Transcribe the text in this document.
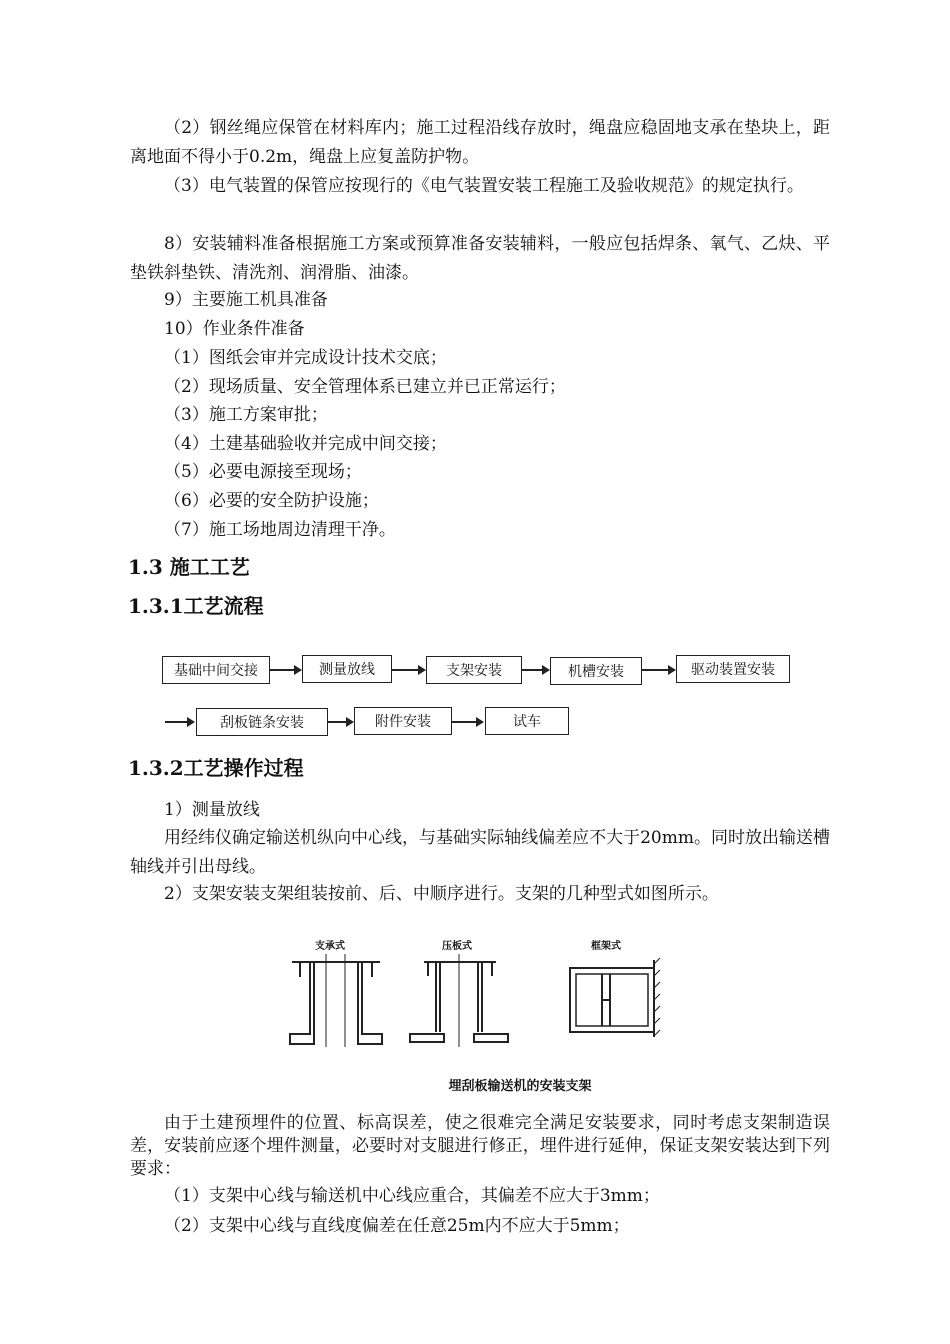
（2）钢丝绳应保管在材料库内；施工过程沿线存放时，绳盘应稳固地支承在垫块上，距离地面不得小于0.2m，绳盘上应复盖防护物。

（3）电气装置的保管应按现行的《电气装置安装工程施工及验收规范》的规定执行。

8）安装辅料准备根据施工方案或预算准备安装辅料，一般应包括焊条、氧气、乙炔、平垫铁斜垫铁、清洗剂、润滑脂、油漆。

9）主要施工机具准备

10）作业条件准备

（1）图纸会审并完成设计技术交底；

（2）现场质量、安全管理体系已建立并已正常运行；

（3）施工方案审批；

（4）土建基础验收并完成中间交接；

（5）必要电源接至现场；

（6）必要的安全防护设施；

（7）施工场地周边清理干净。

1.3 施工工艺
1.3.1工艺流程
基础中间交接	测量放线	支架安装	机槽安装	驱动装置安装
刮板链条安装	附件安装	试车
1.3.2工艺操作过程

1）测量放线

用经纬仪确定输送机纵向中心线，与基础实际轴线偏差应不大于20mm。同时放出输送槽轴线并引出母线。

2）支架安装支架组装按前、后、中顺序进行。支架的几种型式如图所示。

支承式	压板式	框架式
埋刮板输送机的安装支架

由于土建预埋件的位置、标高误差，使之很难完全满足安装要求，同时考虑支架制造误差，安装前应逐个埋件测量，必要时对支腿进行修正，埋件进行延伸，保证支架安装达到下列要求：

（1）支架中心线与输送机中心线应重合，其偏差不应大于3mm；

（2）支架中心线与直线度偏差在任意25m内不应大于5mm；
